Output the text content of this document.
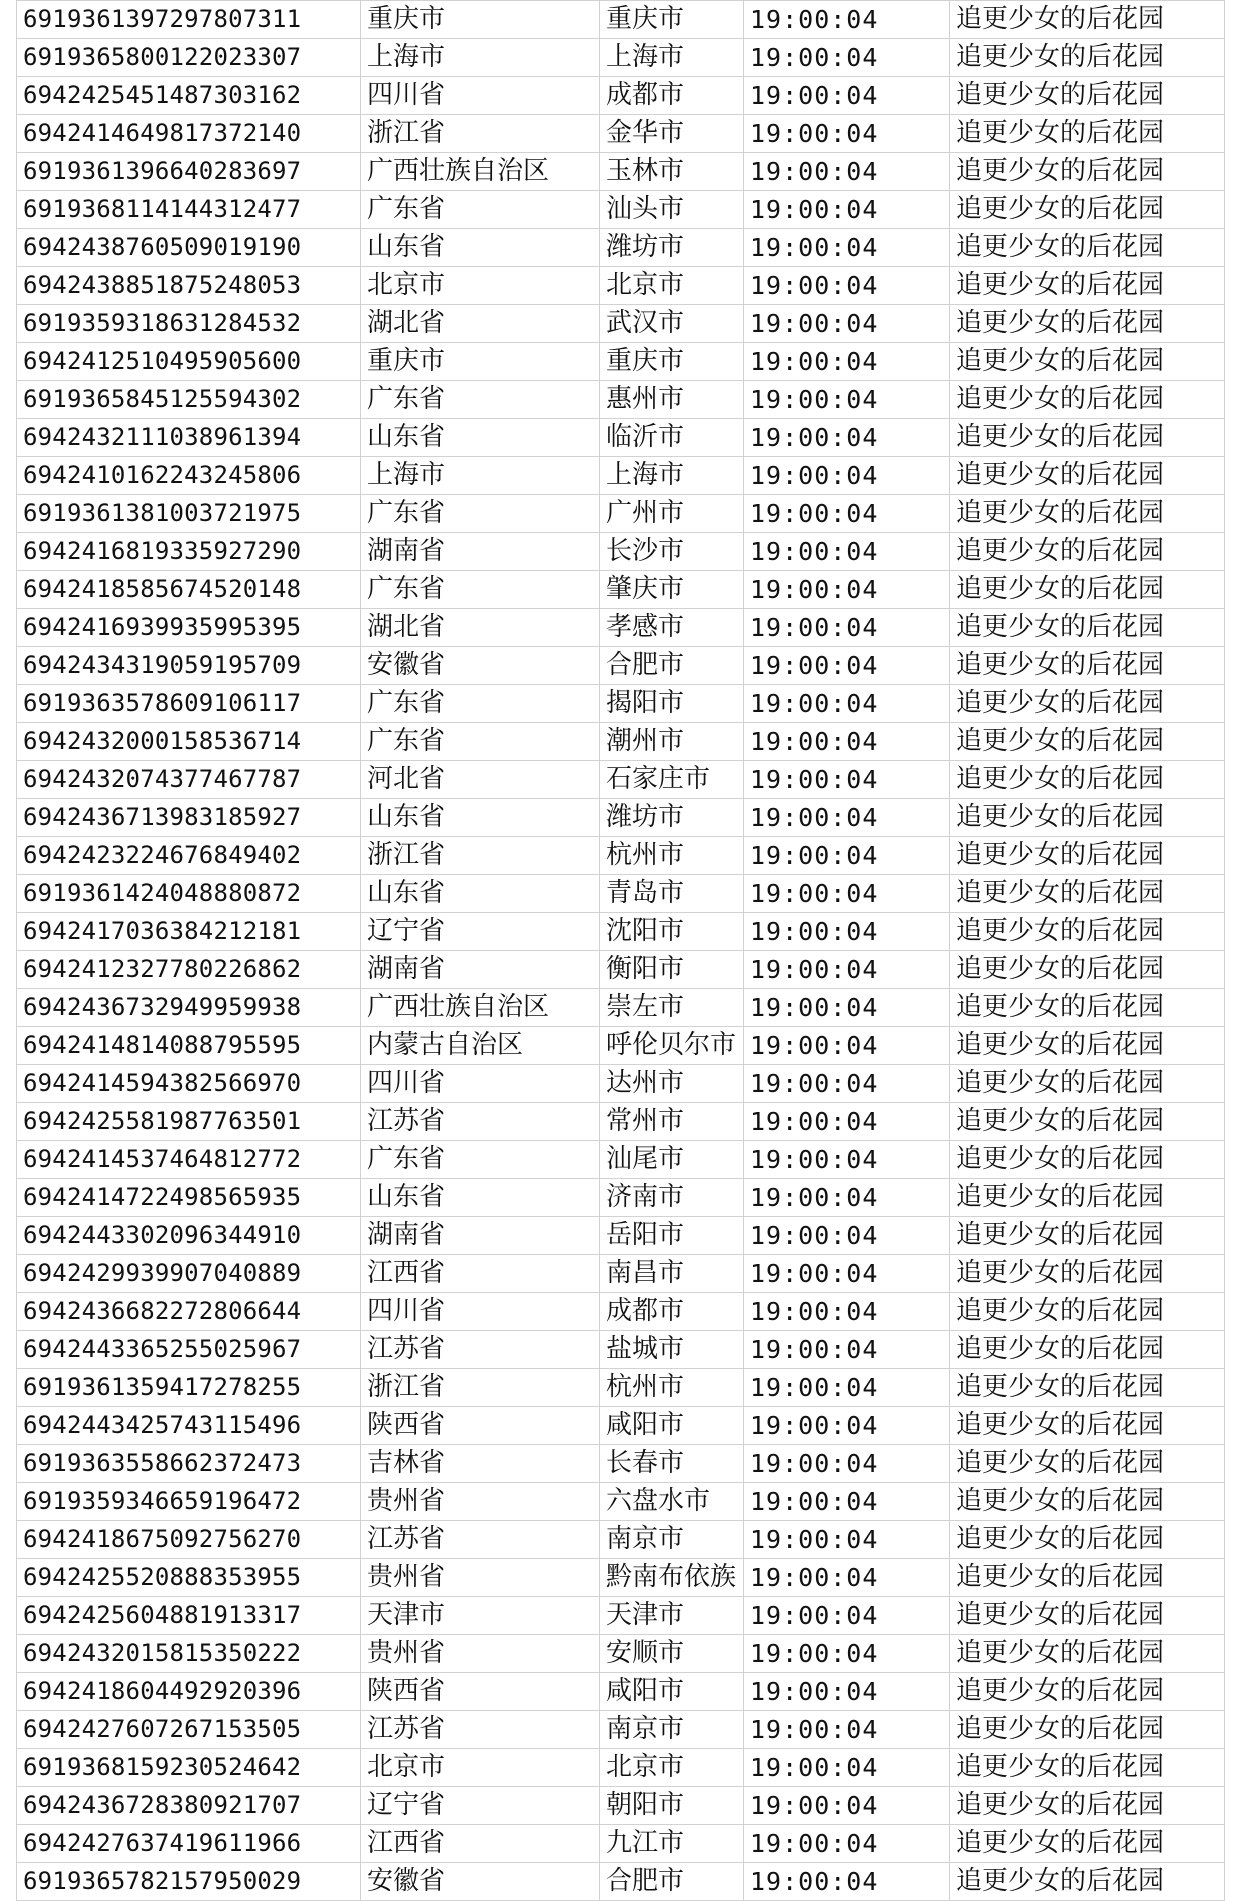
6919361397297807311	重庆市	重庆市	19:00:04	追更少女的后花园
6919365800122023307	上海市	上海市	19:00:04	追更少女的后花园
6942425451487303162	四川省	成都市	19:00:04	追更少女的后花园
6942414649817372140	浙江省	金华市	19:00:04	追更少女的后花园
6919361396640283697	广西壮族自治区	玉林市	19:00:04	追更少女的后花园
6919368114144312477	广东省	汕头市	19:00:04	追更少女的后花园
6942438760509019190	山东省	潍坊市	19:00:04	追更少女的后花园
6942438851875248053	北京市	北京市	19:00:04	追更少女的后花园
6919359318631284532	湖北省	武汉市	19:00:04	追更少女的后花园
6942412510495905600	重庆市	重庆市	19:00:04	追更少女的后花园
6919365845125594302	广东省	惠州市	19:00:04	追更少女的后花园
6942432111038961394	山东省	临沂市	19:00:04	追更少女的后花园
6942410162243245806	上海市	上海市	19:00:04	追更少女的后花园
6919361381003721975	广东省	广州市	19:00:04	追更少女的后花园
6942416819335927290	湖南省	长沙市	19:00:04	追更少女的后花园
6942418585674520148	广东省	肇庆市	19:00:04	追更少女的后花园
6942416939935995395	湖北省	孝感市	19:00:04	追更少女的后花园
6942434319059195709	安徽省	合肥市	19:00:04	追更少女的后花园
6919363578609106117	广东省	揭阳市	19:00:04	追更少女的后花园
6942432000158536714	广东省	潮州市	19:00:04	追更少女的后花园
6942432074377467787	河北省	石家庄市	19:00:04	追更少女的后花园
6942436713983185927	山东省	潍坊市	19:00:04	追更少女的后花园
6942423224676849402	浙江省	杭州市	19:00:04	追更少女的后花园
6919361424048880872	山东省	青岛市	19:00:04	追更少女的后花园
6942417036384212181	辽宁省	沈阳市	19:00:04	追更少女的后花园
6942412327780226862	湖南省	衡阳市	19:00:04	追更少女的后花园
6942436732949959938	广西壮族自治区	崇左市	19:00:04	追更少女的后花园
6942414814088795595	内蒙古自治区	呼伦贝尔市	19:00:04	追更少女的后花园
6942414594382566970	四川省	达州市	19:00:04	追更少女的后花园
6942425581987763501	江苏省	常州市	19:00:04	追更少女的后花园
6942414537464812772	广东省	汕尾市	19:00:04	追更少女的后花园
6942414722498565935	山东省	济南市	19:00:04	追更少女的后花园
6942443302096344910	湖南省	岳阳市	19:00:04	追更少女的后花园
6942429939907040889	江西省	南昌市	19:00:04	追更少女的后花园
6942436682272806644	四川省	成都市	19:00:04	追更少女的后花园
6942443365255025967	江苏省	盐城市	19:00:04	追更少女的后花园
6919361359417278255	浙江省	杭州市	19:00:04	追更少女的后花园
6942443425743115496	陕西省	咸阳市	19:00:04	追更少女的后花园
6919363558662372473	吉林省	长春市	19:00:04	追更少女的后花园
6919359346659196472	贵州省	六盘水市	19:00:04	追更少女的后花园
6942418675092756270	江苏省	南京市	19:00:04	追更少女的后花园
6942425520888353955	贵州省	黔南布依族	19:00:04	追更少女的后花园
6942425604881913317	天津市	天津市	19:00:04	追更少女的后花园
6942432015815350222	贵州省	安顺市	19:00:04	追更少女的后花园
6942418604492920396	陕西省	咸阳市	19:00:04	追更少女的后花园
6942427607267153505	江苏省	南京市	19:00:04	追更少女的后花园
6919368159230524642	北京市	北京市	19:00:04	追更少女的后花园
6942436728380921707	辽宁省	朝阳市	19:00:04	追更少女的后花园
6942427637419611966	江西省	九江市	19:00:04	追更少女的后花园
6919365782157950029	安徽省	合肥市	19:00:04	追更少女的后花园
